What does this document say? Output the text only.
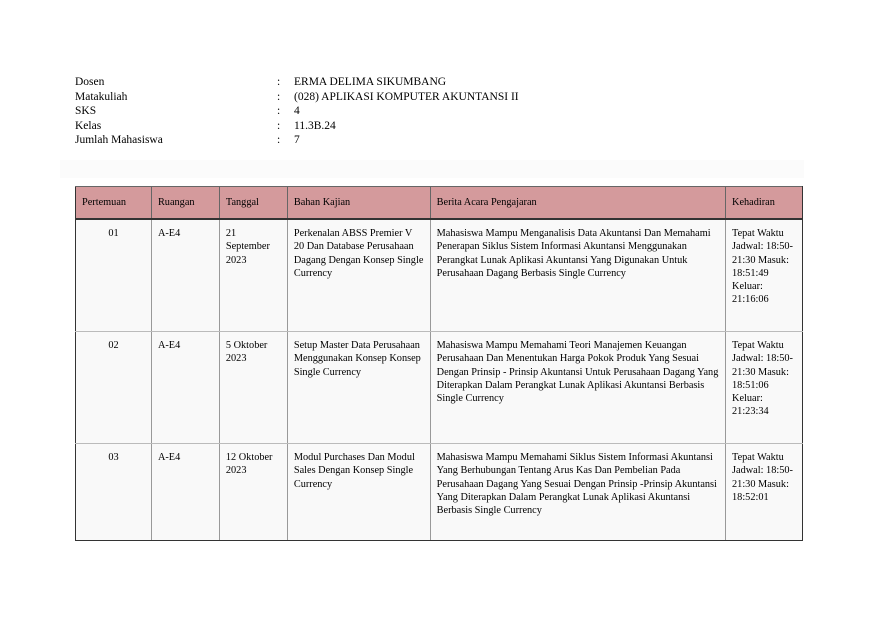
Dosen	:	ERMA DELIMA SIKUMBANG
Matakuliah	:	(028) APLIKASI KOMPUTER AKUNTANSI II
SKS	:	4
Kelas	:	11.3B.24
Jumlah Mahasiswa	:	7
Pertemuan	Ruangan	Tanggal	Bahan Kajian	Berita Acara Pengajaran	Kehadiran
01	A-E4	21 September 2023	Perkenalan ABSS Premier V 20 Dan Database Perusahaan Dagang Dengan Konsep Single Currency	Mahasiswa Mampu Menganalisis Data Akuntansi Dan Memahami Penerapan Siklus Sistem Informasi Akuntansi Menggunakan Perangkat Lunak Aplikasi Akuntansi Yang Digunakan Untuk Perusahaan Dagang Berbasis Single Currency	Tepat Waktu Jadwal: 18:50-21:30 Masuk: 18:51:49 Keluar: 21:16:06
02	A-E4	5 Oktober 2023	Setup Master Data Perusahaan Menggunakan Konsep Konsep Single Currency	Mahasiswa Mampu Memahami Teori Manajemen Keuangan Perusahaan Dan Menentukan Harga Pokok Produk Yang Sesuai Dengan Prinsip - Prinsip Akuntansi Untuk Perusahaan Dagang Yang Diterapkan Dalam Perangkat Lunak Aplikasi Akuntansi Berbasis Single Currency	Tepat Waktu Jadwal: 18:50-21:30 Masuk: 18:51:06 Keluar: 21:23:34
03	A-E4	12 Oktober 2023	Modul Purchases Dan Modul Sales Dengan Konsep Single Currency	Mahasiswa Mampu Memahami Siklus Sistem Informasi Akuntansi Yang Berhubungan Tentang Arus Kas Dan Pembelian Pada Perusahaan Dagang Yang Sesuai Dengan Prinsip -Prinsip Akuntansi Yang Diterapkan Dalam Perangkat Lunak Aplikasi Akuntansi Berbasis Single Currency	Tepat Waktu Jadwal: 18:50-21:30 Masuk: 18:52:01
